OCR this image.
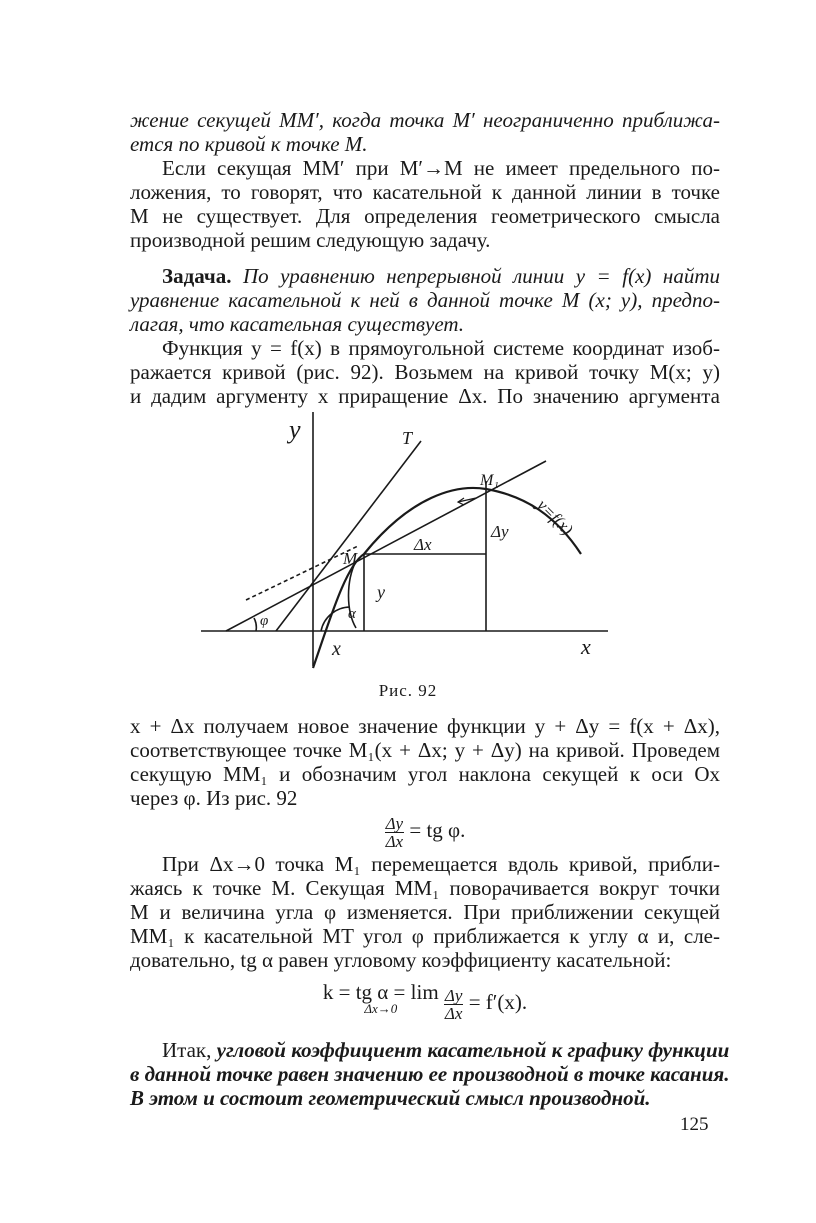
жение секущей MM′, когда точка M′ неограниченно приближа-
ется по кривой к точке M.
Если секущая MM′ при M′→M не имеет предельного по-
ложения, то говорят, что касательной к данной линии в точке
M не существует. Для определения геометрического смысла
производной решим следующую задачу.
Задача. По уравнению непрерывной линии y = f(x) найти
уравнение касательной к ней в данной точке M (x; y), предпо-
лагая, что касательная существует.
Функция y = f(x) в прямоугольной системе координат изоб-
ражается кривой (рис. 92). Возьмем на кривой точку M(x; y)
и дадим аргументу x приращение Δx. По значению аргумента
y
x
x
T
M
M₁
Δx
Δy
y
φ	α
y=f(x)
Рис. 92
x + Δx получаем новое значение функции y + Δy = f(x + Δx),
соответствующее точке M₁(x + Δx; y + Δy) на кривой. Проведем
секущую MM₁ и обозначим угол наклона секущей к оси Ox
через φ. Из рис. 92
$\frac{\Delta y}{\Delta x}$ = tg φ.
При Δx→0 точка M₁ перемещается вдоль кривой, прибли-
жаясь к точке M. Секущая MM₁ поворачивается вокруг точки
M и величина угла φ изменяется. При приближении секущей
MM₁ к касательной MT угол φ приближается к углу α и, сле-
довательно, tg α равен угловому коэффициенту касательной:
k = tg α = lim
Δx→0
	$\frac{\Delta y}{\Delta x} = f'(x)$.
Итак, угловой коэффициент касательной к графику функции
в данной точке равен значению ее производной в точке касания.
В этом и состоит геометрический смысл производной.
125
